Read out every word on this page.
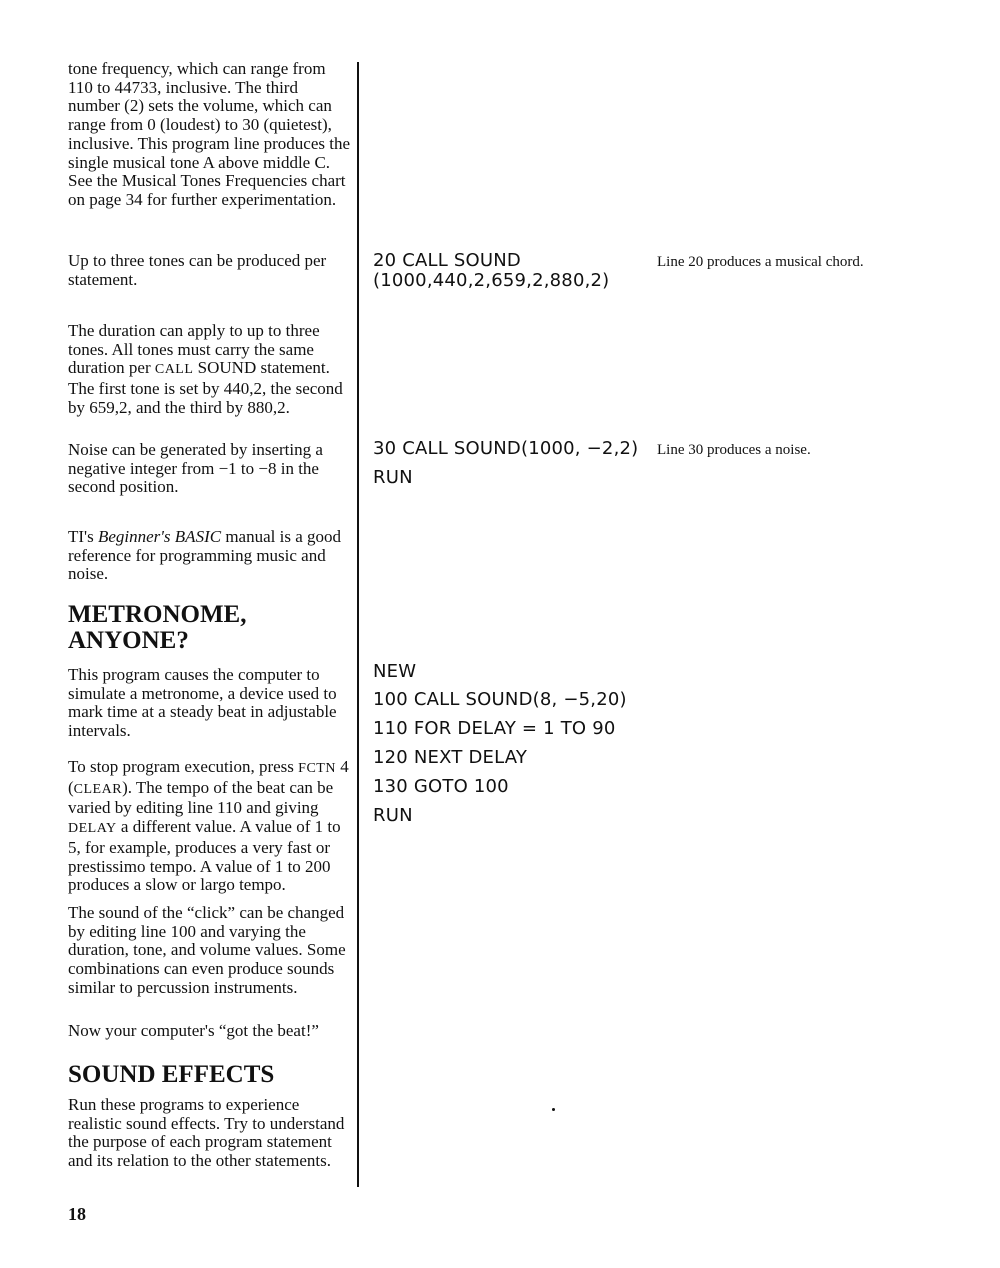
tone frequency, which can range from 110 to 44733, inclusive. The third number (2) sets the volume, which can range from 0 (loudest) to 30 (quietest), inclusive. This program line produces the single musical tone A above middle C. See the Musical Tones Frequencies chart on page 34 for further experimentation.

Up to three tones can be produced per statement.

The duration can apply to up to three tones. All tones must carry the same duration per CALL SOUND statement. The first tone is set by 440,2, the second by 659,2, and the third by 880,2.

Noise can be generated by inserting a negative integer from −1 to −8 in the second position.

TI's Beginner's BASIC manual is a good reference for programming music and noise.

METRONOME, ANYONE?

This program causes the computer to simulate a metronome, a device used to mark time at a steady beat in adjustable intervals.

To stop program execution, press FCTN 4 (CLEAR). The tempo of the beat can be varied by editing line 110 and giving DELAY a different value. A value of 1 to 5, for example, produces a very fast or prestissimo tempo. A value of 1 to 200 produces a slow or largo tempo.

The sound of the “click” can be changed by editing line 100 and varying the duration, tone, and volume values. Some combinations can even produce sounds similar to percussion instruments.

Now your computer's “got the beat!”

SOUND EFFECTS

Run these programs to experience realistic sound effects. Try to understand the purpose of each program statement and its relation to the other statements.

20 CALL SOUND
(1000,440,2,659,2,880,2)
30 CALL SOUND(1000, −2,2)
RUN
NEW
100 CALL SOUND(8, −5,20)
110 FOR DELAY = 1 TO 90
120 NEXT DELAY
130 GOTO 100
RUN

Line 20 produces a musical chord.

Line 30 produces a noise.

18
